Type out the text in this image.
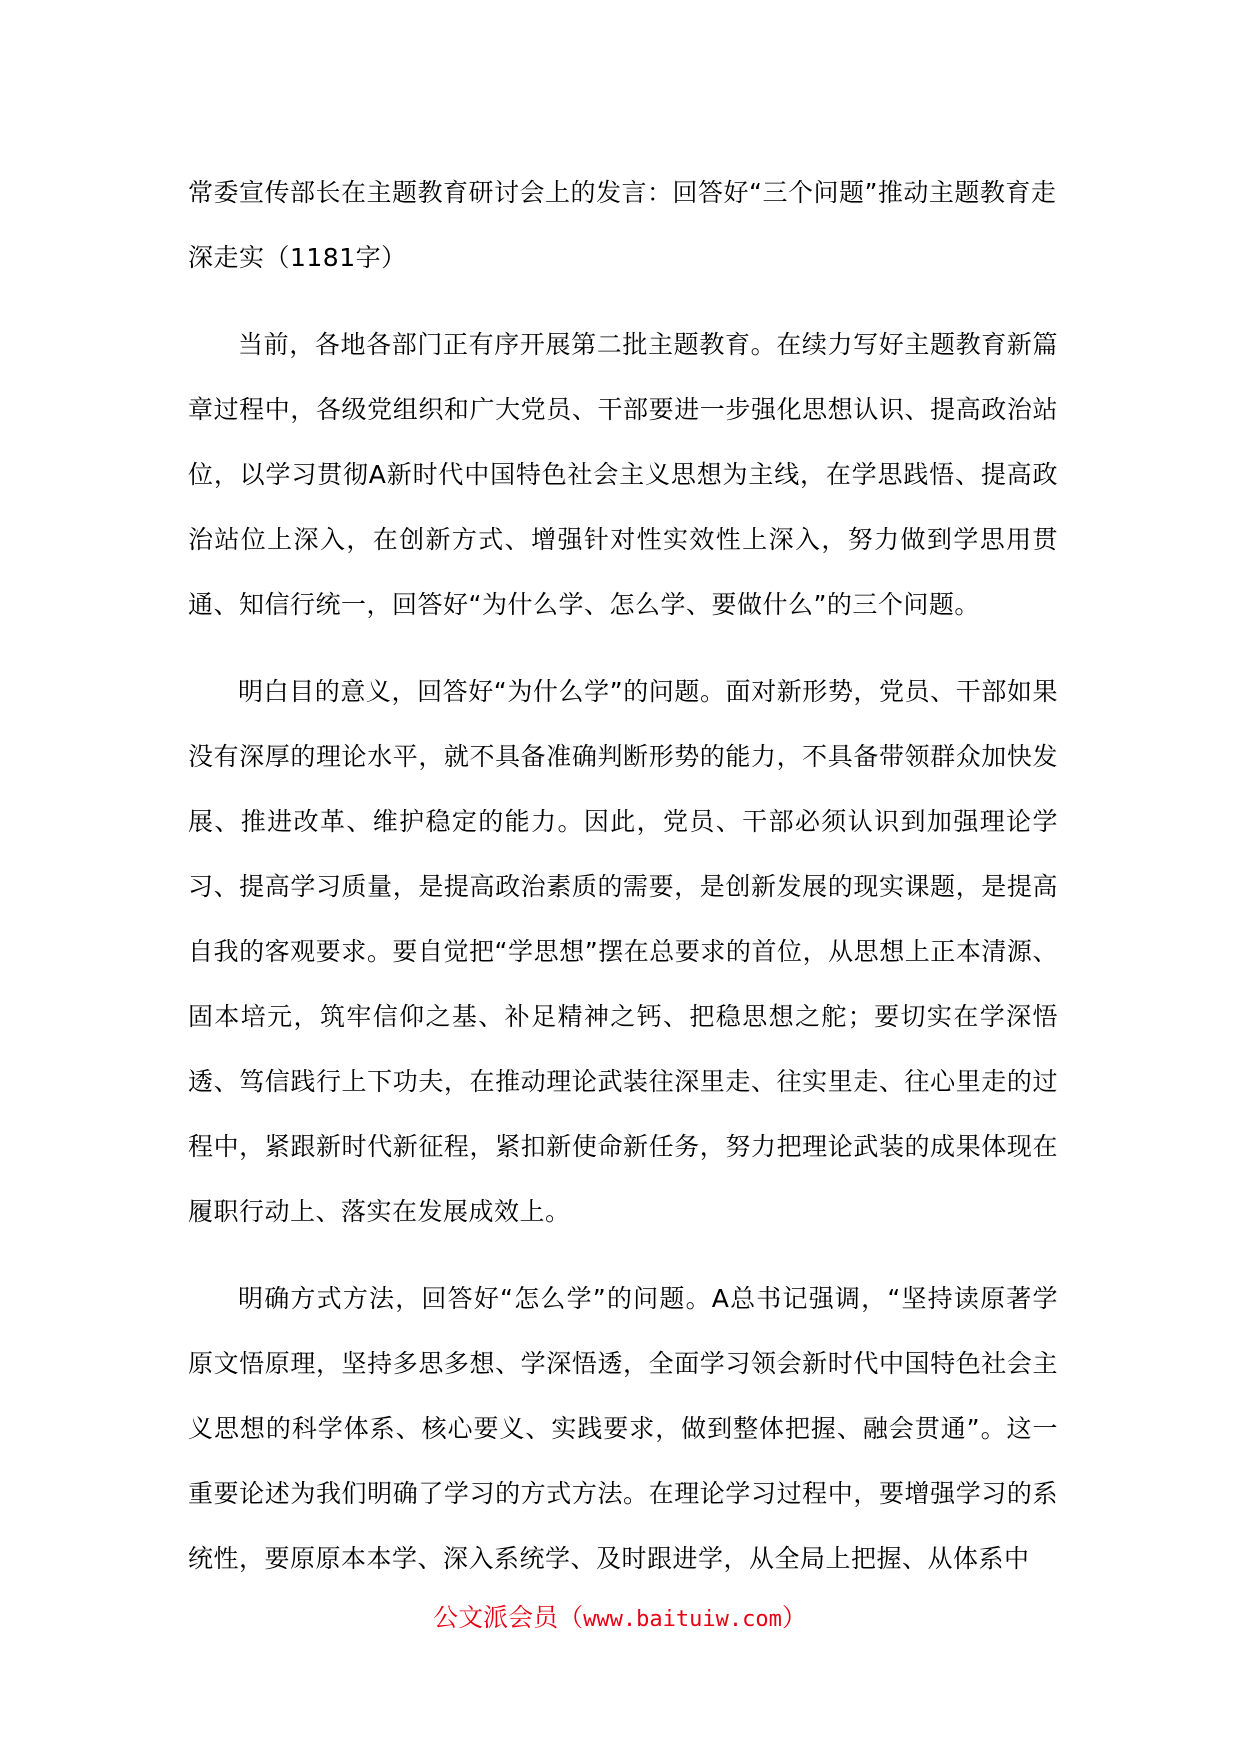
常委宣传部长在主题教育研讨会上的发言：回答好“三个问题”推动主题教育走深走实（1181字）

当前，各地各部门正有序开展第二批主题教育。在续力写好主题教育新篇章过程中，各级党组织和广大党员、干部要进一步强化思想认识、提高政治站位，以学习贯彻A新时代中国特色社会主义思想为主线，在学思践悟、提高政治站位上深入，在创新方式、增强针对性实效性上深入，努力做到学思用贯通、知信行统一，回答好“为什么学、怎么学、要做什么”的三个问题。

明白目的意义，回答好“为什么学”的问题。面对新形势，党员、干部如果没有深厚的理论水平，就不具备准确判断形势的能力，不具备带领群众加快发展、推进改革、维护稳定的能力。因此，党员、干部必须认识到加强理论学习、提高学习质量，是提高政治素质的需要，是创新发展的现实课题，是提高自我的客观要求。要自觉把“学思想”摆在总要求的首位，从思想上正本清源、固本培元，筑牢信仰之基、补足精神之钙、把稳思想之舵；要切实在学深悟透、笃信践行上下功夫，在推动理论武装往深里走、往实里走、往心里走的过程中，紧跟新时代新征程，紧扣新使命新任务，努力把理论武装的成果体现在履职行动上、落实在发展成效上。

明确方式方法，回答好“怎么学”的问题。A总书记强调，“坚持读原著学原文悟原理，坚持多思多想、学深悟透，全面学习领会新时代中国特色社会主义思想的科学体系、核心要义、实践要求，做到整体把握、融会贯通”。这一重要论述为我们明确了学习的方式方法。在理论学习过程中，要增强学习的系统性，要原原本本学、深入系统学、及时跟进学，从全局上把握、从体系中

公文派会员（www.baituiw.com）
